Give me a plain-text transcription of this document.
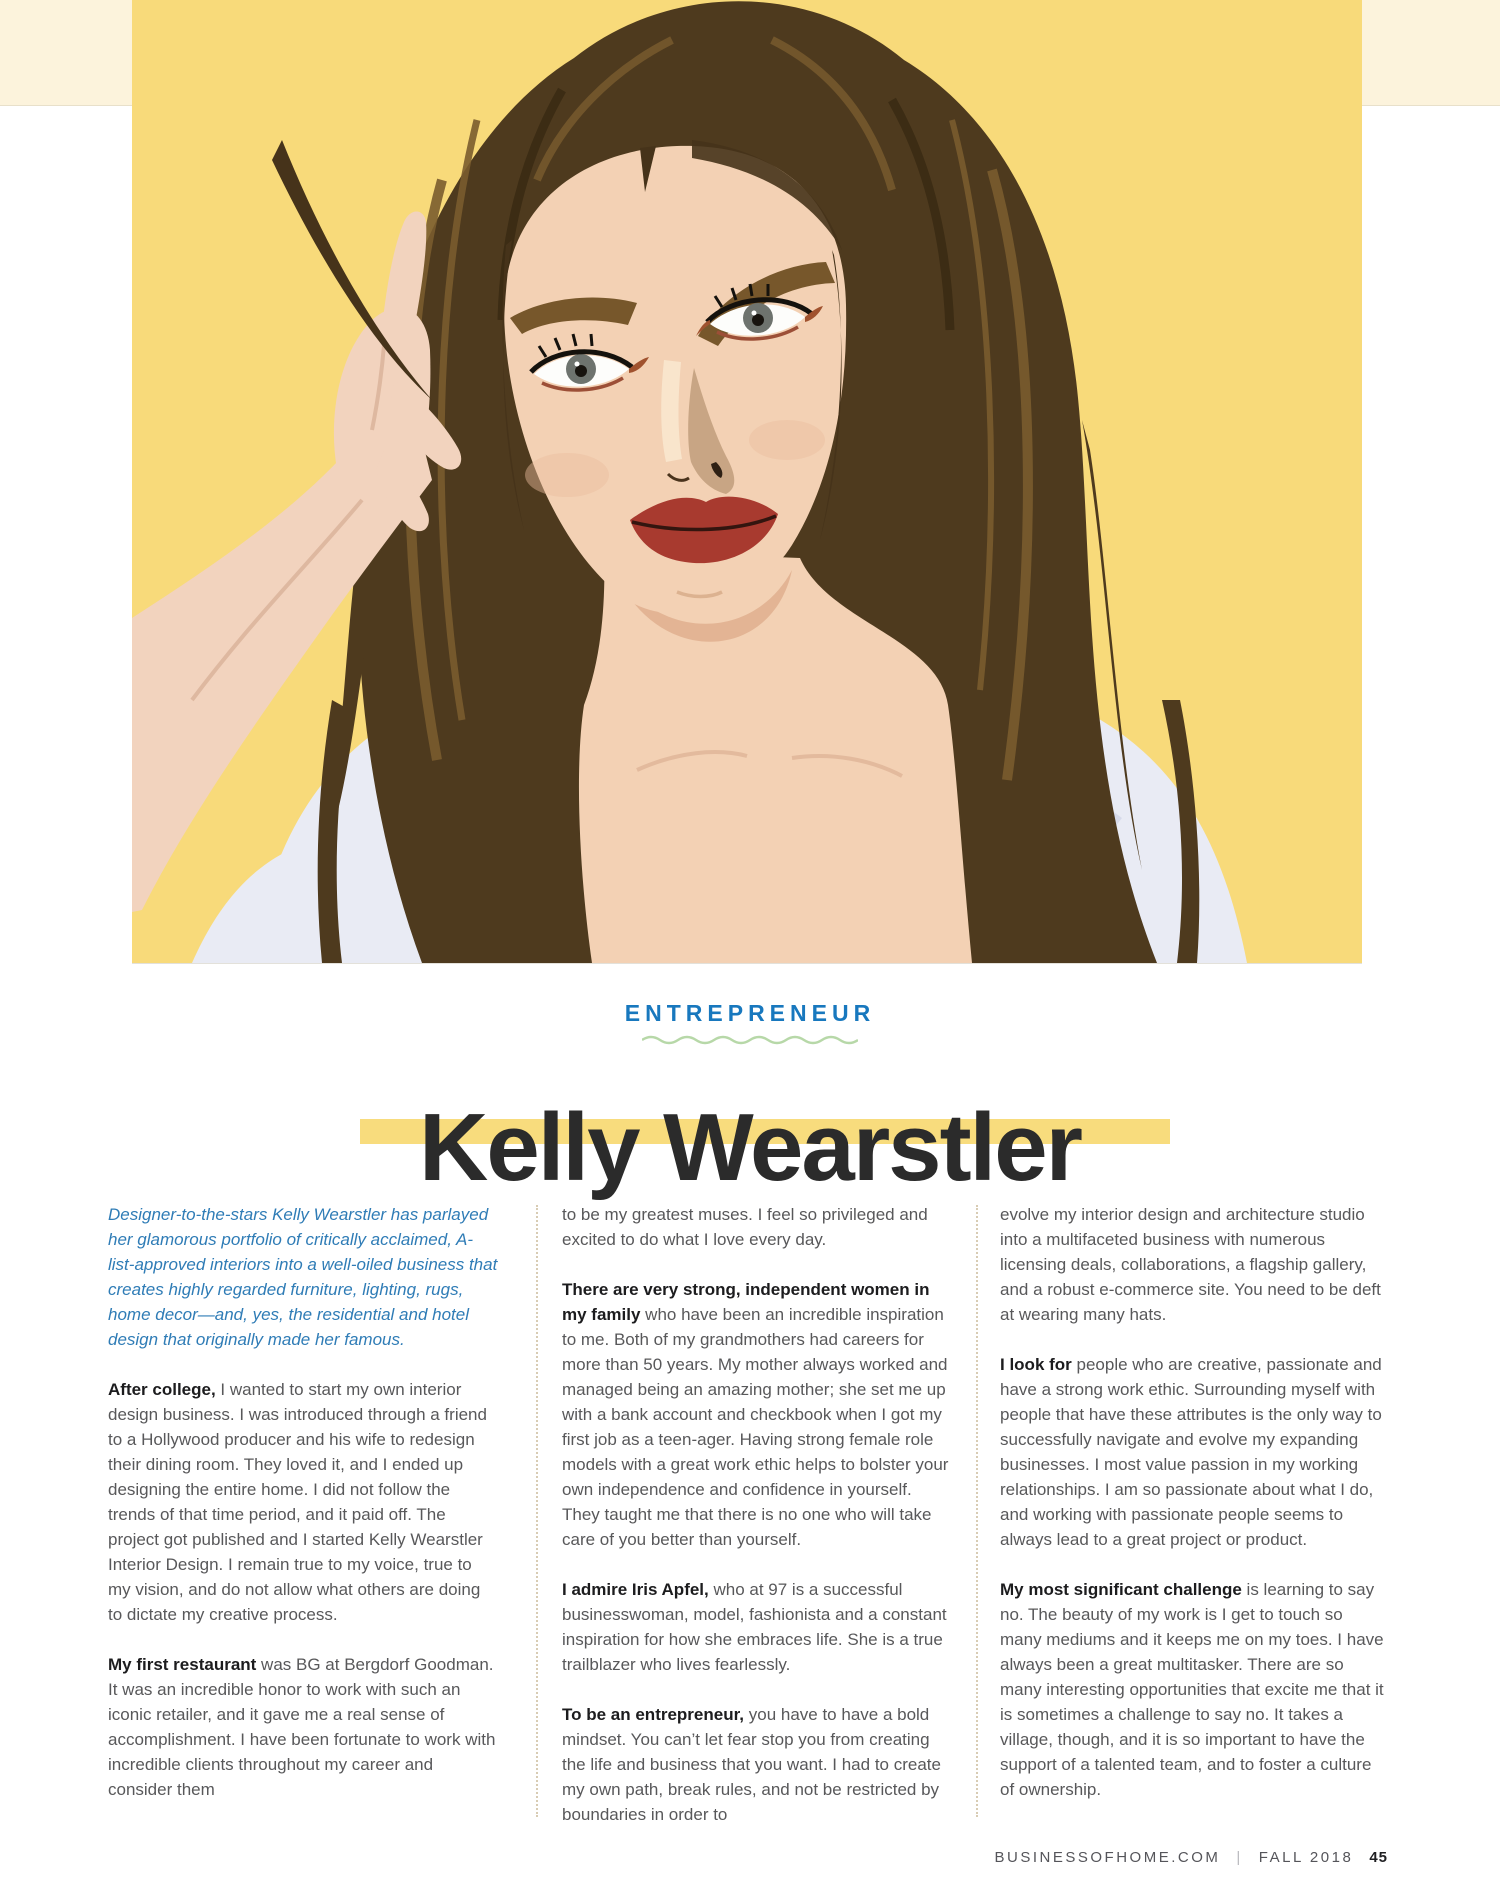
ENTREPRENEUR
Kelly Wearstler

Designer-to-the-stars Kelly Wearstler has parlayed her glamorous portfolio of critically acclaimed, A-list-approved interiors into a well-oiled business that creates highly regarded furniture, lighting, rugs, home decor—and, yes, the residential and hotel design that originally made her famous.

After college, I wanted to start my own interior design business. I was introduced through a friend to a Hollywood producer and his wife to redesign their dining room. They loved it, and I ended up designing the entire home. I did not follow the trends of that time period, and it paid off. The project got published and I started Kelly Wearstler Interior Design. I remain true to my voice, true to my vision, and do not allow what others are doing to dictate my creative process.

My first restaurant was BG at Bergdorf Goodman. It was an incredible honor to work with such an iconic retailer, and it gave me a real sense of accomplishment. I have been fortunate to work with incredible clients throughout my career and consider them

to be my greatest muses. I feel so privileged and excited to do what I love every day.

There are very strong, independent women in my family who have been an incredible inspiration to me. Both of my grandmothers had careers for more than 50 years. My mother always worked and managed being an amazing mother; she set me up with a bank account and checkbook when I got my first job as a teen-ager. Having strong female role models with a great work ethic helps to bolster your own independence and confidence in yourself. They taught me that there is no one who will take care of you better than yourself.

I admire Iris Apfel, who at 97 is a successful businesswoman, model, fashionista and a constant inspiration for how she embraces life. She is a true trailblazer who lives fearlessly.

To be an entrepreneur, you have to have a bold mindset. You can’t let fear stop you from creating the life and business that you want. I had to create my own path, break rules, and not be restricted by boundaries in order to

evolve my interior design and architecture studio into a multifaceted business with numerous licensing deals, collaborations, a flagship gallery, and a robust e-commerce site. You need to be deft at wearing many hats.

I look for people who are creative, passionate and have a strong work ethic. Surrounding myself with people that have these attributes is the only way to successfully navigate and evolve my expanding businesses. I most value passion in my working relationships. I am so passionate about what I do, and working with passionate people seems to always lead to a great project or product.

My most significant challenge is learning to say no. The beauty of my work is I get to touch so many mediums and it keeps me on my toes. I have always been a great multitasker. There are so many interesting opportunities that excite me that it is sometimes a challenge to say no. It takes a village, though, and it is so important to have the support of a talented team, and to foster a culture of ownership.

BUSINESSOFHOME.COM | FALL 2018 45
